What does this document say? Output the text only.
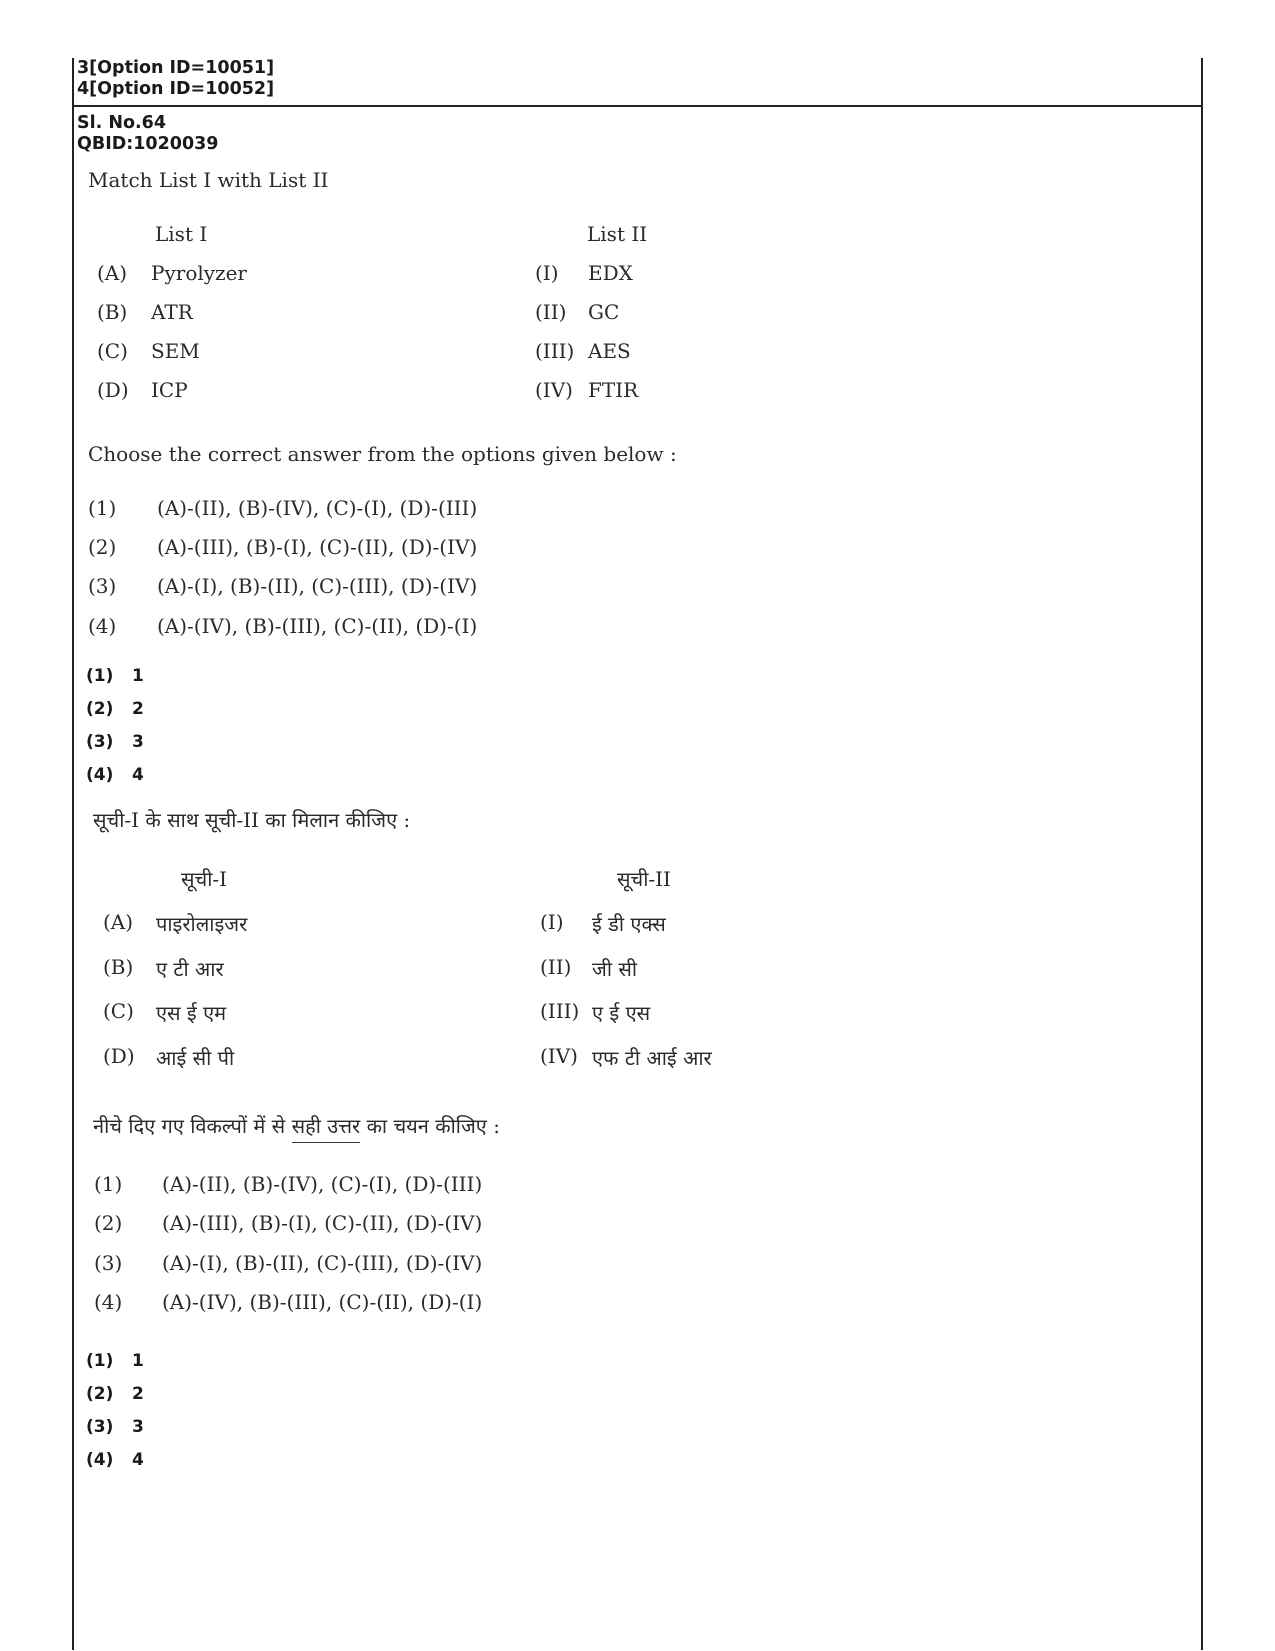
3[Option ID=10051]
4[Option ID=10052]
Sl. No.64
QBID:1020039
Match List I with List II
List I	List II
(A) Pyrolyzer
(B) ATR
(C) SEM
(D) ICP
(I) EDX
(II) GC
(III) AES
(IV) FTIR
Choose the correct answer from the options given below :
(1) (A)-(II), (B)-(IV), (C)-(I), (D)-(III)
(2) (A)-(III), (B)-(I), (C)-(II), (D)-(IV)
(3) (A)-(I), (B)-(II), (C)-(III), (D)-(IV)
(4) (A)-(IV), (B)-(III), (C)-(II), (D)-(I)
(1) 1
(2) 2
(3) 3
(4) 4
सूची-I के साथ सूची-II का मिलान कीजिए :
सूची-I	सूची-II
(A) पाइरोलाइजर
(B) ए टी आर
(C) एस ई एम
(D) आई सी पी
(I) ई डी एक्स
(II) जी सी
(III) ए ई एस
(IV) एफ टी आई आर
नीचे दिए गए विकल्पों में से सही उत्तर का चयन कीजिए :
(1) (A)-(II), (B)-(IV), (C)-(I), (D)-(III)
(2) (A)-(III), (B)-(I), (C)-(II), (D)-(IV)
(3) (A)-(I), (B)-(II), (C)-(III), (D)-(IV)
(4) (A)-(IV), (B)-(III), (C)-(II), (D)-(I)
(1) 1
(2) 2
(3) 3
(4) 4
